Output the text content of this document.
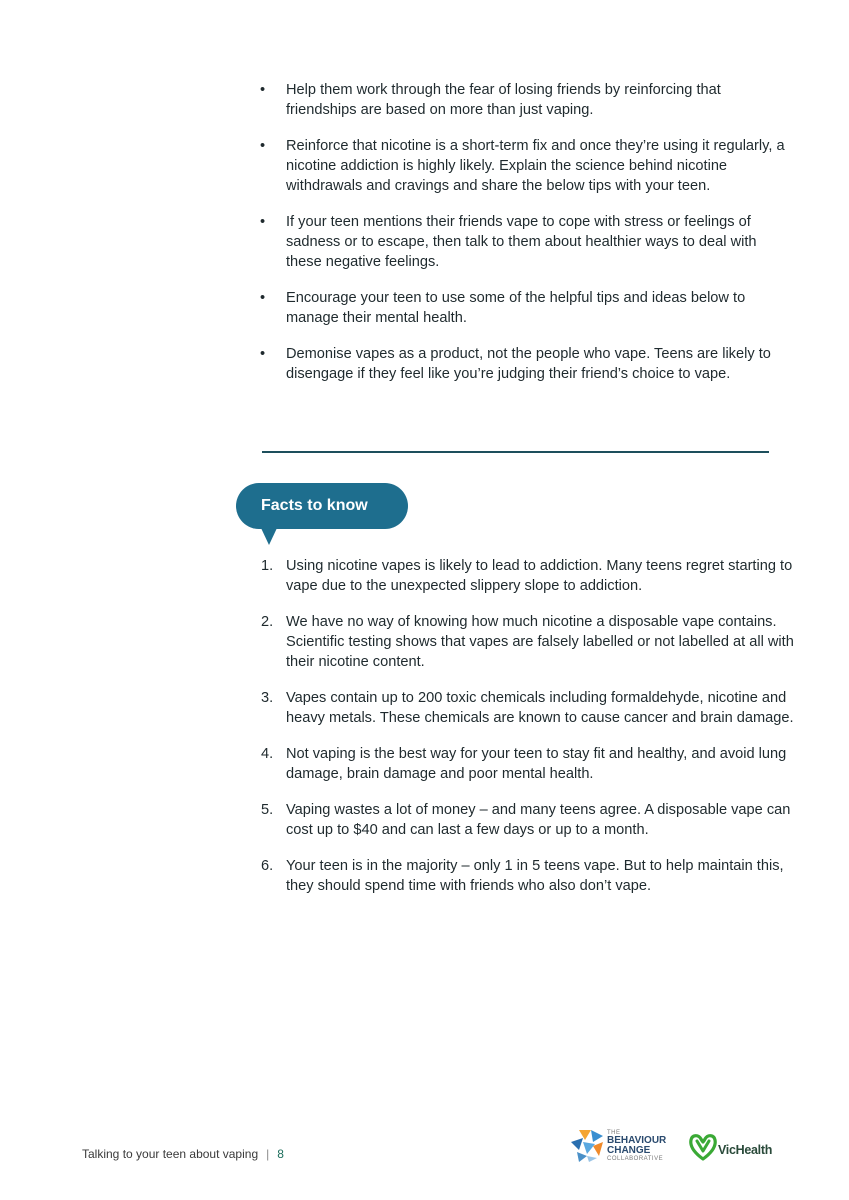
• Help them work through the fear of losing friends by reinforcing that friendships are based on more than just vaping.
• Reinforce that nicotine is a short-term fix and once they’re using it regularly, a nicotine addiction is highly likely. Explain the science behind nicotine withdrawals and cravings and share the below tips with your teen.
• If your teen mentions their friends vape to cope with stress or feelings of sadness or to escape, then talk to them about healthier ways to deal with these negative feelings.
• Encourage your teen to use some of the helpful tips and ideas below to manage their mental health.
• Demonise vapes as a product, not the people who vape. Teens are likely to disengage if they feel like you’re judging their friend’s choice to vape.
Facts to know
1. Using nicotine vapes is likely to lead to addiction. Many teens regret starting to vape due to the unexpected slippery slope to addiction.
2. We have no way of knowing how much nicotine a disposable vape contains. Scientific testing shows that vapes are falsely labelled or not labelled at all with their nicotine content.
3. Vapes contain up to 200 toxic chemicals including formaldehyde, nicotine and heavy metals. These chemicals are known to cause cancer and brain damage.
4. Not vaping is the best way for your teen to stay fit and healthy, and avoid lung damage, brain damage and poor mental health.
5. Vaping wastes a lot of money – and many teens agree. A disposable vape can cost up to $40 and can last a few days or up to a month.
6. Your teen is in the majority – only 1 in 5 teens vape. But to help maintain this, they should spend time with friends who also don’t vape.
Talking to your teen about vaping | 8
THE
BEHAVIOUR
CHANGE
COLLABORATIVE
VicHealth
